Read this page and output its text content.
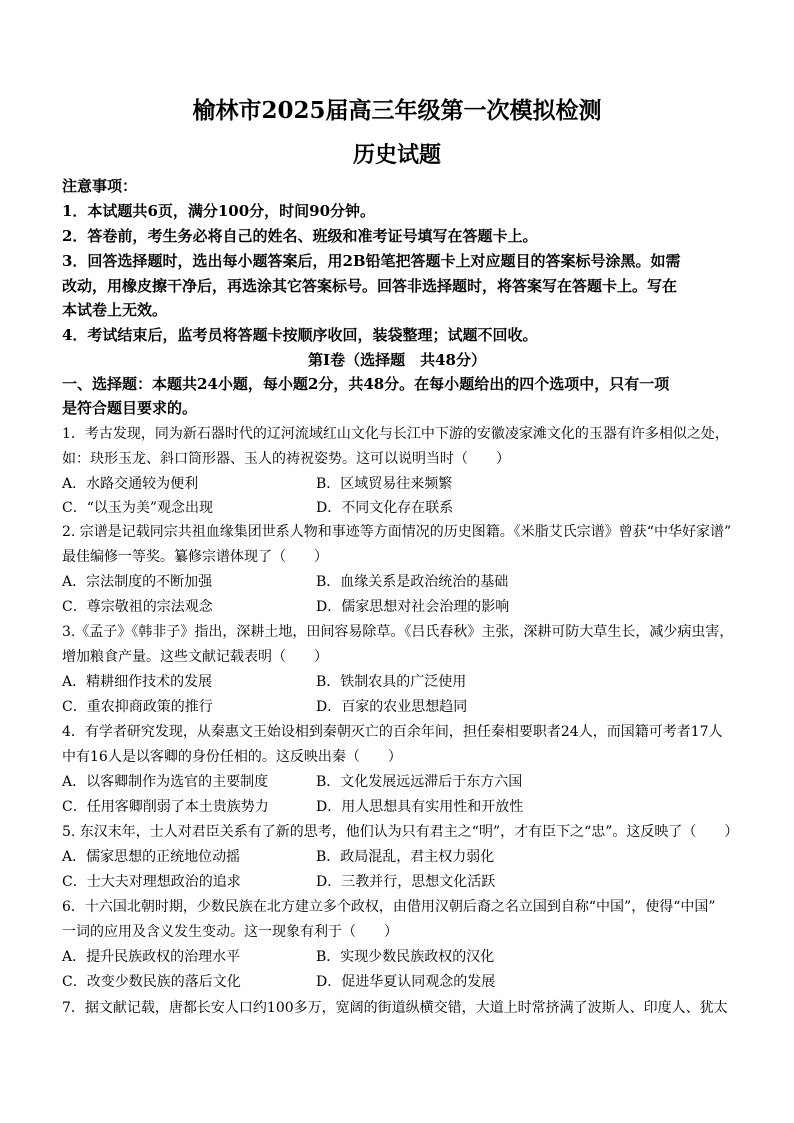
榆林市2025届高三年级第一次模拟检测
历史试题
注意事项：
1．本试题共6页，满分100分，时间90分钟。
2．答卷前，考生务必将自己的姓名、班级和准考证号填写在答题卡上。
3．回答选择题时，选出每小题答案后，用2B铅笔把答题卡上对应题目的答案标号涂黑。如需
改动，用橡皮擦干净后，再选涂其它答案标号。回答非选择题时，将答案写在答题卡上。写在
本试卷上无效。
4．考试结束后，监考员将答题卡按顺序收回，装袋整理；试题不回收。
第Ⅰ卷（选择题　共48分）
一、选择题：本题共24小题，每小题2分，共48分。在每小题给出的四个选项中，只有一项
是符合题目要求的。
1．考古发现，同为新石器时代的辽河流域红山文化与长江中下游的安徽凌家滩文化的玉器有许多相似之处，
如：玦形玉龙、斜口筒形器、玉人的祷祝姿势。这可以说明当时（　　）
A．水路交通较为便利	B．区域贸易往来频繁
C．“以玉为美”观念出现	D．不同文化存在联系
2. 宗谱是记载同宗共祖血缘集团世系人物和事迹等方面情况的历史图籍。《米脂艾氏宗谱》曾获“中华好家谱”
最佳编修一等奖。纂修宗谱体现了（　　）
A．宗法制度的不断加强	B．血缘关系是政治统治的基础
C．尊宗敬祖的宗法观念	D．儒家思想对社会治理的影响
3.《孟子》《韩非子》指出，深耕土地，田间容易除草。《吕氏春秋》主张，深耕可防大草生长，减少病虫害，
增加粮食产量。这些文献记载表明（　　）
A．精耕细作技术的发展	B．铁制农具的广泛使用
C．重农抑商政策的推行	D．百家的农业思想趋同
4．有学者研究发现，从秦惠文王始设相到秦朝灭亡的百余年间，担任秦相要职者24人，而国籍可考者17人
中有16人是以客卿的身份任相的。这反映出秦（　　）
A．以客卿制作为选官的主要制度	B．文化发展远远滞后于东方六国
C．任用客卿削弱了本土贵族势力	D．用人思想具有实用性和开放性
5. 东汉末年，士人对君臣关系有了新的思考，他们认为只有君主之“明”，才有臣下之“忠”。这反映了（　　）
A．儒家思想的正统地位动摇	B．政局混乱，君主权力弱化
C．士大夫对理想政治的追求	D．三教并行，思想文化活跃
6．十六国北朝时期，少数民族在北方建立多个政权，由借用汉朝后裔之名立国到自称“中国”，使得“中国”
一词的应用及含义发生变动。这一现象有利于（　　）
A．提升民族政权的治理水平	B．实现少数民族政权的汉化
C．改变少数民族的落后文化	D．促进华夏认同观念的发展
7．据文献记载，唐都长安人口约100多万，宽阔的街道纵横交错，大道上时常挤满了波斯人、印度人、犹太
